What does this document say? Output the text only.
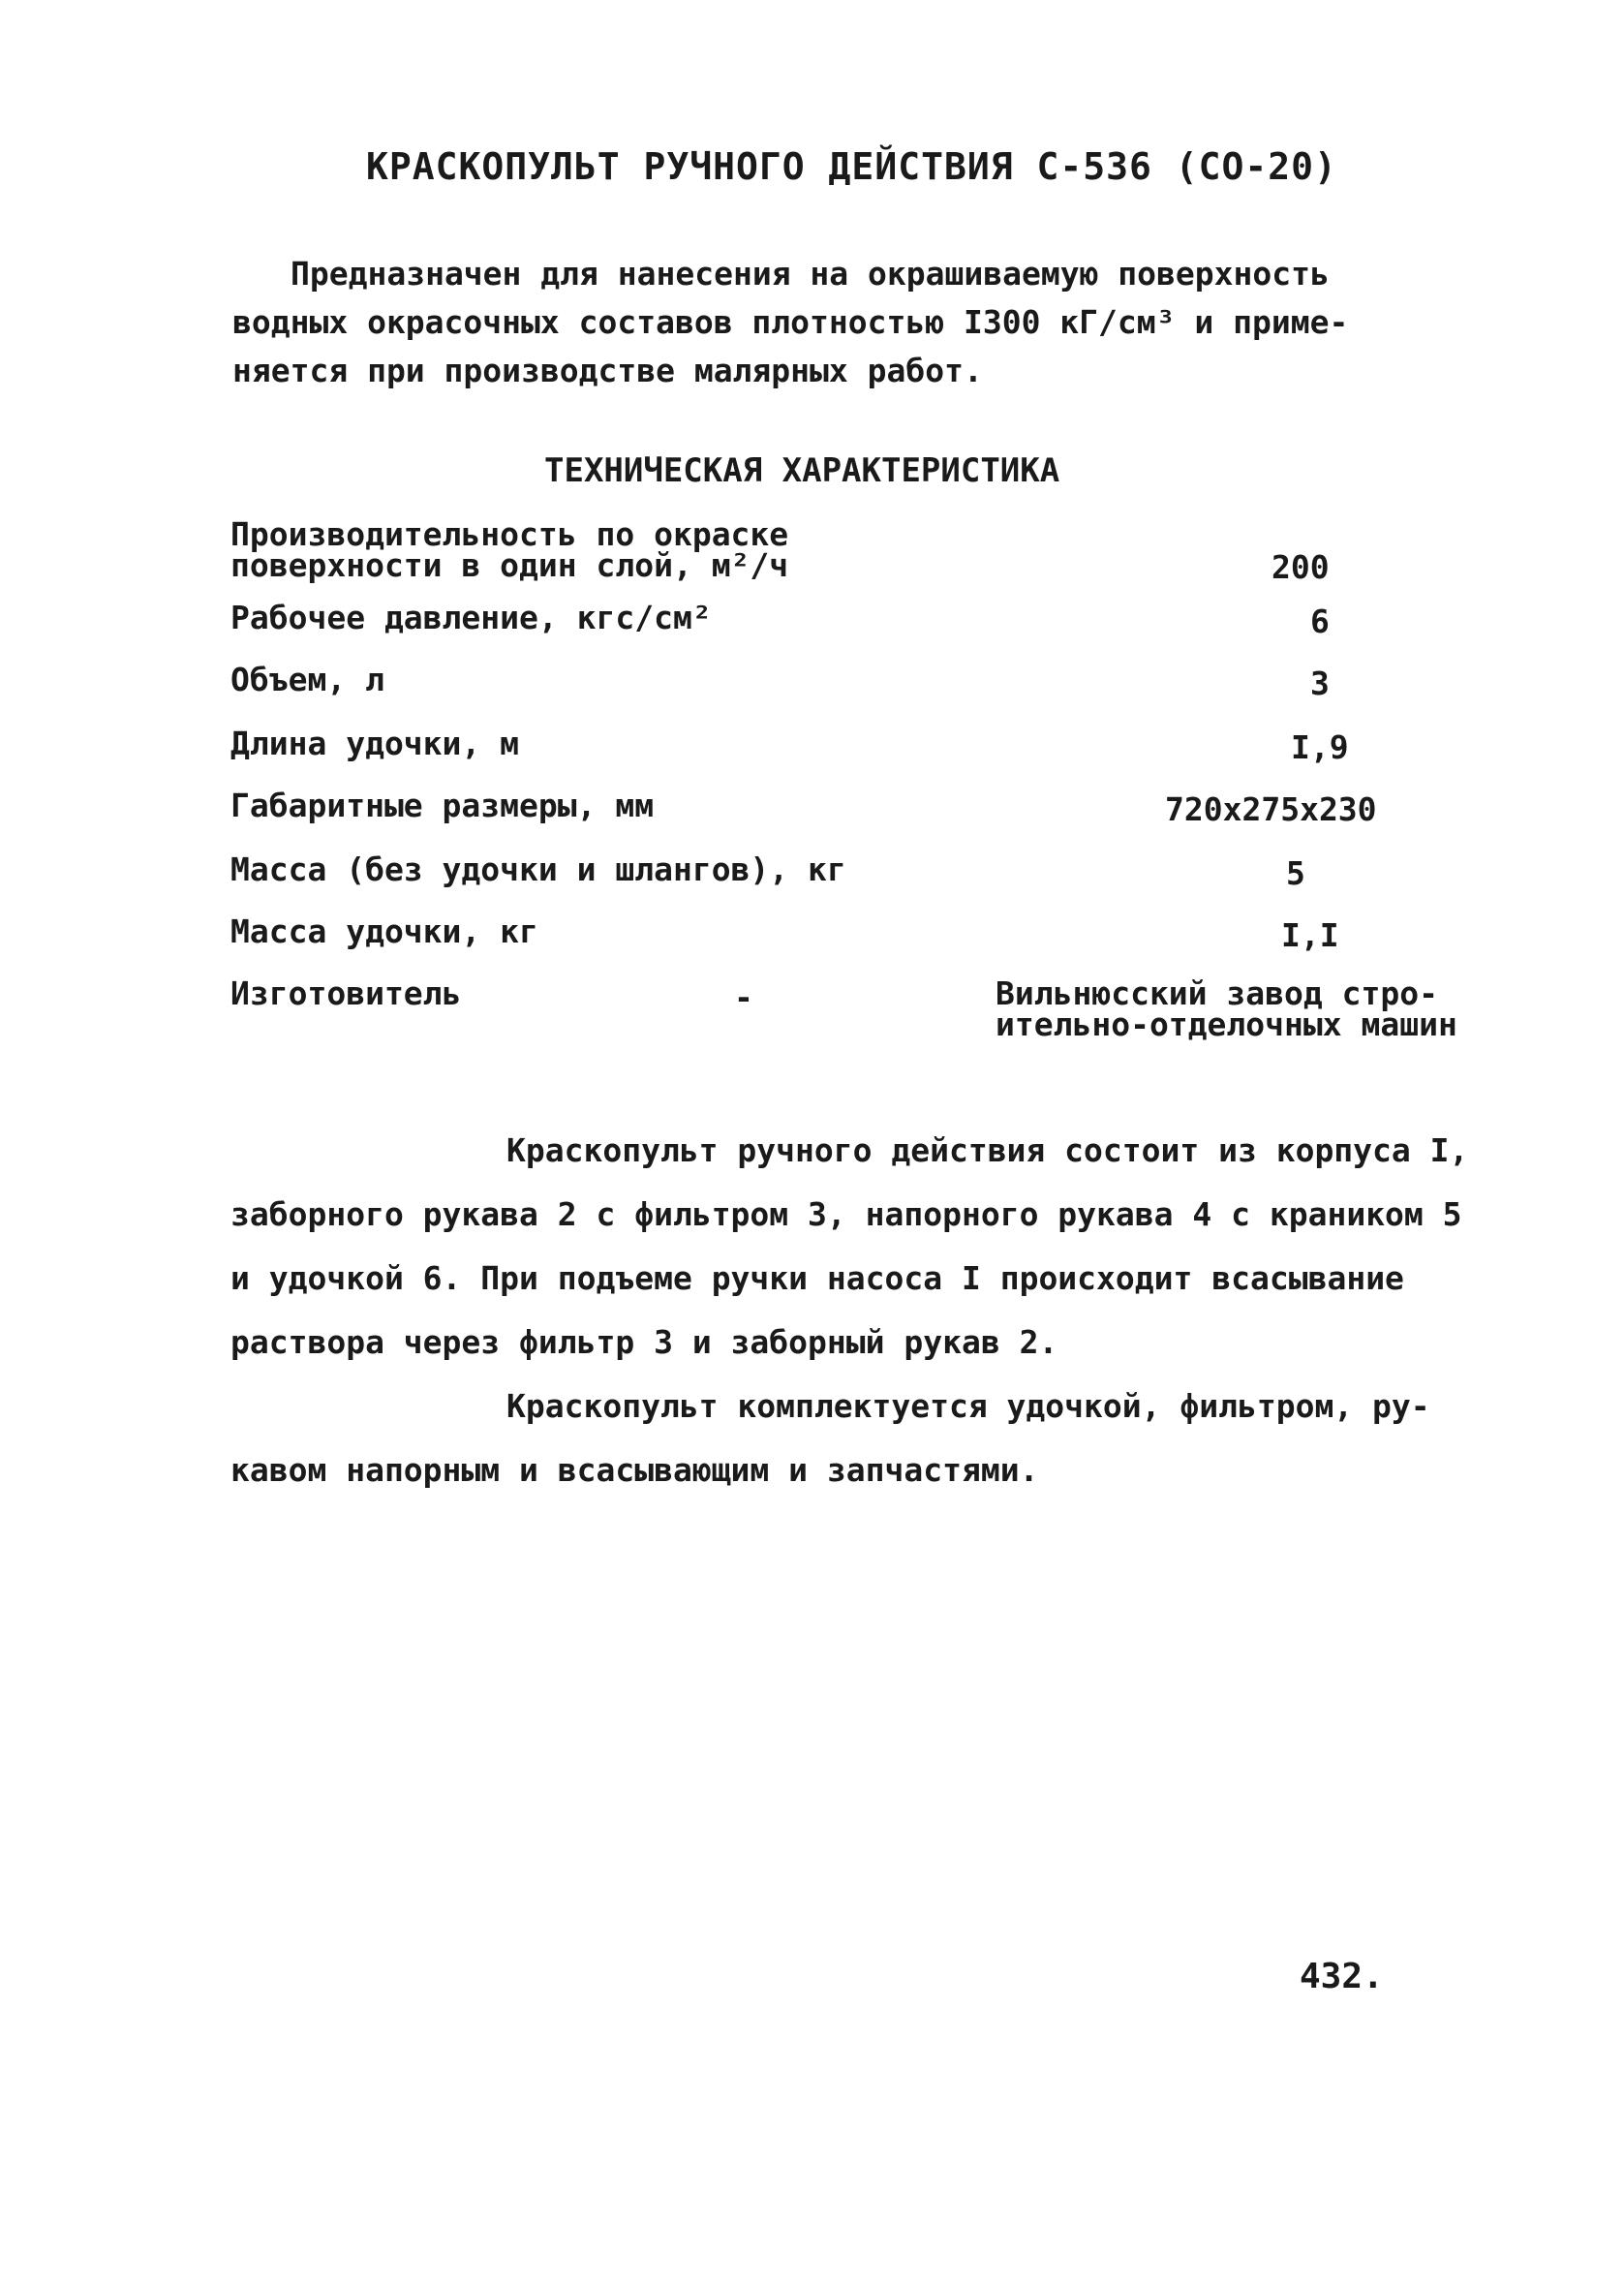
КРАСКОПУЛЬТ РУЧНОГО ДЕЙСТВИЯ С-536 (СО-20)
Предназначен для нанесения на окрашиваемую поверхность
водных окрасочных составов плотностью I300 кГ/см³ и приме-
няется при производстве малярных работ.
ТЕХНИЧЕСКАЯ ХАРАКТЕРИСТИКА
Производительность по окраске
поверхности в один слой, м²/ч	200
Рабочее давление, кгс/см²	6
Объем, л	3
Длина удочки, м	I,9
Габаритные размеры, мм	720x275x230
Масса (без удочки и шлангов), кг	5
Масса удочки, кг	I,I
Изготовитель	-	Вильнюсский завод стро-
ительно-отделочных машин
Краскопульт ручного действия состоит из корпуса I,
заборного рукава 2 с фильтром 3, напорного рукава 4 с краником 5
и удочкой 6. При подъеме ручки насоса I происходит всасывание
раствора через фильтр 3 и заборный рукав 2.
Краскопульт комплектуется удочкой, фильтром, ру-
кавом напорным и всасывающим и запчастями.
432.
